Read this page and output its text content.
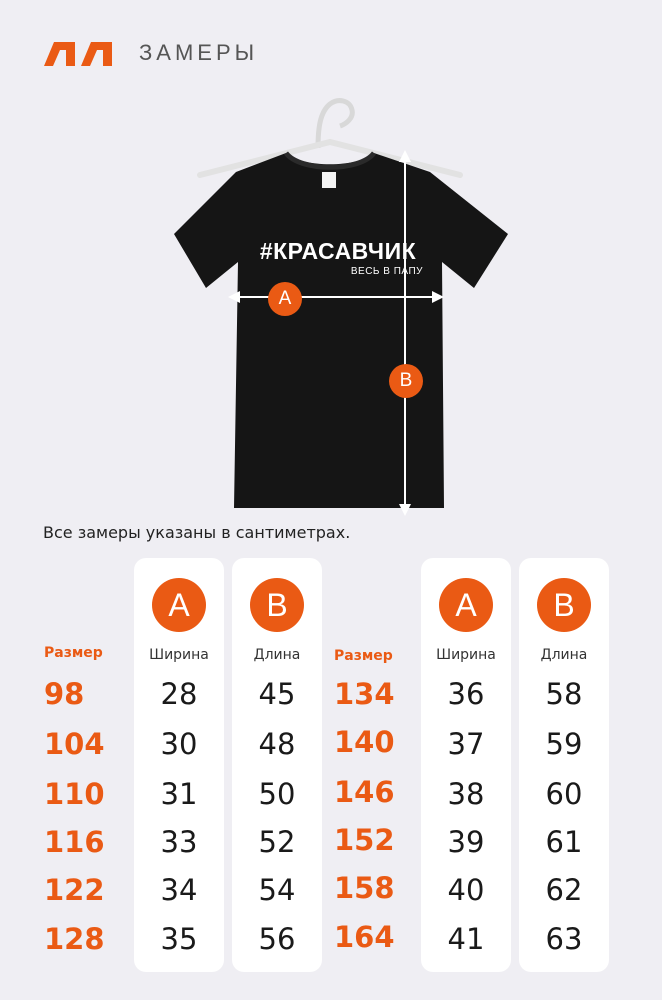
ЗАМЕРЫ
#КРАСАВЧИК
ВЕСЬ В ПАПУ
A
B
Все замеры указаны в сантиметрах.
A	B	A	B
Размер	Ширина	Длина	Размер	Ширина	Длина
98	28	45
104	30	48
110	31	50
116	33	52
122	34	54
128	35	56
134	36	58
140	37	59
146	38	60
152	39	61
158	40	62
164	41	63
